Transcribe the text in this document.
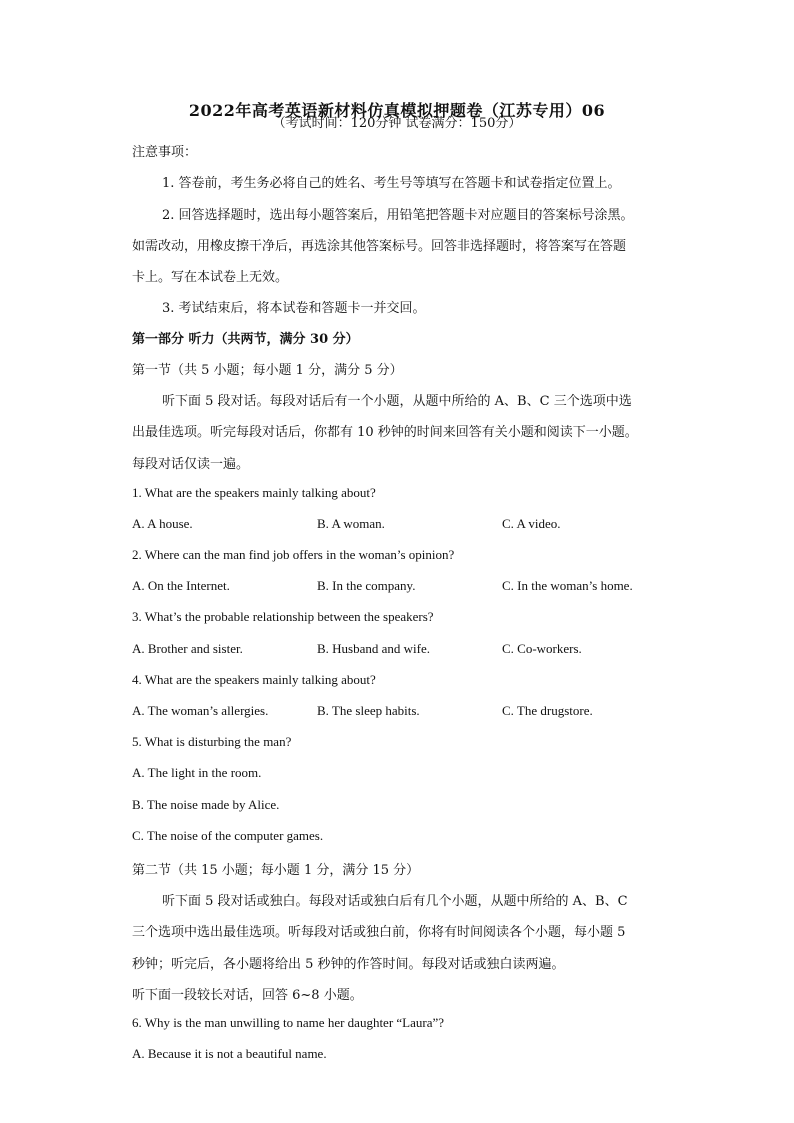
2022年高考英语新材料仿真模拟押题卷（江苏专用）06
（考试时间：120分钟 试卷满分：150分）
注意事项：
1. 答卷前，考生务必将自己的姓名、考生号等填写在答题卡和试卷指定位置上。
2. 回答选择题时，选出每小题答案后，用铅笔把答题卡对应题目的答案标号涂黑。
如需改动，用橡皮擦干净后，再选涂其他答案标号。回答非选择题时，将答案写在答题
卡上。写在本试卷上无效。
3. 考试结束后，将本试卷和答题卡一并交回。
第一部分 听力（共两节，满分 30 分）
第一节（共 5 小题；每小题 1 分，满分 5 分）
听下面 5 段对话。每段对话后有一个小题，从题中所给的 A、B、C 三个选项中选
出最佳选项。听完每段对话后，你都有 10 秒钟的时间来回答有关小题和阅读下一小题。
每段对话仅读一遍。
1. What are the speakers mainly talking about?
A. A house.	B. A woman.	C. A video.
2. Where can the man find job offers in the woman’s opinion?
A. On the Internet.	B. In the company.	C. In the woman’s home.
3. What’s the probable relationship between the speakers?
A. Brother and sister.	B. Husband and wife.	C. Co-workers.
4. What are the speakers mainly talking about?
A. The woman’s allergies.	B. The sleep habits.	C. The drugstore.
5. What is disturbing the man?
A. The light in the room.
B. The noise made by Alice.
C. The noise of the computer games.
第二节（共 15 小题；每小题 1 分，满分 15 分）
听下面 5 段对话或独白。每段对话或独白后有几个小题，从题中所给的 A、B、C
三个选项中选出最佳选项。听每段对话或独白前，你将有时间阅读各个小题，每小题 5
秒钟；听完后，各小题将给出 5 秒钟的作答时间。每段对话或独白读两遍。
听下面一段较长对话，回答 6~8 小题。
6. Why is the man unwilling to name her daughter “Laura”?
A. Because it is not a beautiful name.
